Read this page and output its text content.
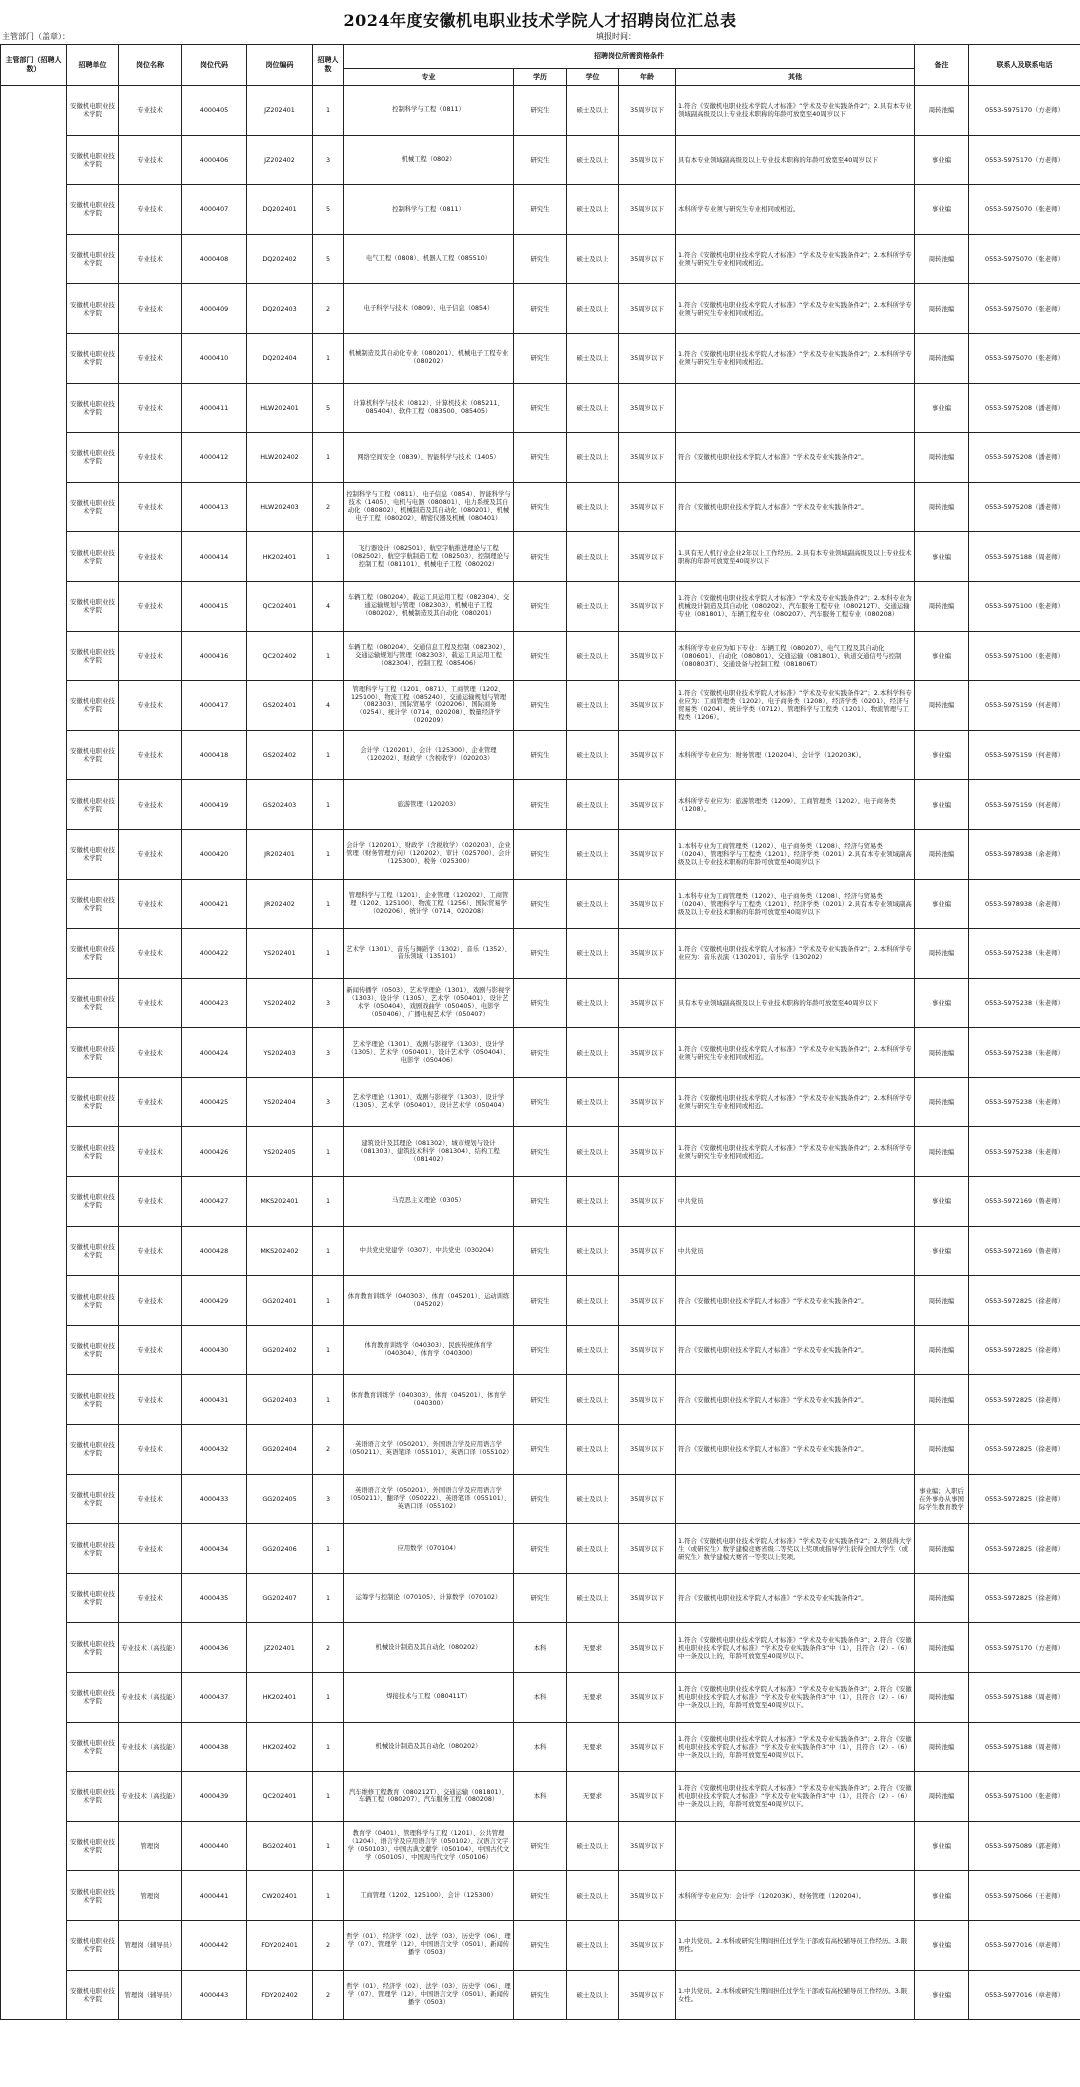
2024年度安徽机电职业技术学院人才招聘岗位汇总表
主管部门（盖章）：	填报时间：
主管部门（招聘人数）	招聘单位	岗位名称	岗位代码	岗位编码	招聘人数	招聘岗位所需资格条件					备注	联系人及联系电话
						专业	学历	学位	年龄	其他		
	安徽机电职业技术学院	专业技术	4000405	JZ202401	1	控制科学与工程（0811）	研究生	硕士及以上	35周岁以下	1.符合《安徽机电职业技术学院人才标准》“学术及专业实践条件2”；2.具有本专业领域副高级及以上专业技术职称的年龄可放宽至40周岁以下	周转池编	0553-5975170（方老师）
	安徽机电职业技术学院	专业技术	4000406	JZ202402	3	机械工程（0802）	研究生	硕士及以上	35周岁以下	具有本专业领域副高级及以上专业技术职称的年龄可放宽至40周岁以下	事业编	0553-5975170（方老师）
	安徽机电职业技术学院	专业技术	4000407	DQ202401	5	控制科学与工程（0811）	研究生	硕士及以上	35周岁以下	本科所学专业须与研究生专业相同或相近。	事业编	0553-5975070（张老师）
	安徽机电职业技术学院	专业技术	4000408	DQ202402	5	电气工程（0808）、机器人工程（085510）	研究生	硕士及以上	35周岁以下	1.符合《安徽机电职业技术学院人才标准》“学术及专业实践条件2”；2.本科所学专业须与研究生专业相同或相近。	周转池编	0553-5975070（张老师）
	安徽机电职业技术学院	专业技术	4000409	DQ202403	2	电子科学与技术（0809）、电子信息（0854）	研究生	硕士及以上	35周岁以下	1.符合《安徽机电职业技术学院人才标准》“学术及专业实践条件2”；2.本科所学专业须与研究生专业相同或相近。	周转池编	0553-5975070（张老师）
	安徽机电职业技术学院	专业技术	4000410	DQ202404	1	机械制造及其自动化专业（080201）、机械电子工程专业（080202）	研究生	硕士及以上	35周岁以下	1.符合《安徽机电职业技术学院人才标准》“学术及专业实践条件2”；2.本科所学专业须与研究生专业相同或相近。	周转池编	0553-5975070（张老师）
	安徽机电职业技术学院	专业技术	4000411	HLW202401	5	计算机科学与技术（0812）、计算机技术（085211、085404）、软件工程（083500、085405）	研究生	硕士及以上	35周岁以下		事业编	0553-5975208（潘老师）
	安徽机电职业技术学院	专业技术	4000412	HLW202402	1	网络空间安全（0839）、智能科学与技术（1405）	研究生	硕士及以上	35周岁以下	符合《安徽机电职业技术学院人才标准》“学术及专业实践条件2”。	周转池编	0553-5975208（潘老师）
	安徽机电职业技术学院	专业技术	4000413	HLW202403	2	控制科学与工程（0811）、电子信息（0854）、智能科学与技术（1405）、电机与电器（080801）、电力系统及其自动化（080802）、机械制造及其自动化（080201）、机械电子工程（080202）、精密仪器及机械（080401）	研究生	硕士及以上	35周岁以下	符合《安徽机电职业技术学院人才标准》“学术及专业实践条件2”。	周转池编	0553-5975208（潘老师）
	安徽机电职业技术学院	专业技术	4000414	HK202401	1	飞行器设计（082501）、航空宇航推进理论与工程（082502）、航空宇航制造工程（082503）、控制理论与控制工程（081101）、机械电子工程（080202）	研究生	硕士及以上	35周岁以下	1.具有无人机行业企业2年以上工作经历。2.具有本专业领域副高级及以上专业技术职称的年龄可放宽至40周岁以下	事业编	0553-5975188（周老师）
	安徽机电职业技术学院	专业技术	4000415	QC202401	4	车辆工程（080204）、载运工具运用工程（082304）、交通运输规划与管理（082303）、机械电子工程（080202）、机械制造及其自动化（080201）	研究生	硕士及以上	35周岁以下	1.符合《安徽机电职业技术学院人才标准》“学术及专业实践条件2”；2.本科专业为机械设计制造及其自动化（080202）、汽车服务工程专业（080212T）、交通运输专业（081801）、车辆工程专业（080207）、汽车服务工程专业（080208）	周转池编	0553-5975100（张老师）
	安徽机电职业技术学院	专业技术	4000416	QC202402	1	车辆工程（080204）、交通信息工程及控制（082302）、交通运输规划与管理（082303）、载运工具运用工程（082304）、控制工程（085406）	研究生	硕士及以上	35周岁以下	本科所学专业应为如下专业：车辆工程（080207）、电气工程及其自动化（080601）、自动化（080801）、交通运输（081801）、轨道交通信号与控制（080803T）、交通设备与控制工程（081806T）	事业编	0553-5975100（张老师）
	安徽机电职业技术学院	专业技术	4000417	GS202401	4	管理科学与工程（1201、0871）、工商管理（1202、125100）、物流工程（085240）、交通运输规划与管理（082303）、国际贸易学（020206）、国际商务（0254）、统计学（0714、020208）、数量经济学（020209）	研究生	硕士及以上	35周岁以下	1.符合《安徽机电职业技术学院人才标准》“学术及专业实践条件2”；2.本科学科专业应为：工商管理类（1202）、电子商务类（1208）、经济学类（0201）、经济与贸易类（0204）、统计学类（0712）、管理科学与工程类（1201）、物流管理与工程类（1206）。	周转池编	0553-5975159（何老师）
	安徽机电职业技术学院	专业技术	4000418	GS202402	1	会计学（120201）、会计（125300）、企业管理（120202）、财政学（含税收学）（020203）	研究生	硕士及以上	35周岁以下	本科所学专业应为：财务管理（120204）、会计学（120203K）。	事业编	0553-5975159（何老师）
	安徽机电职业技术学院	专业技术	4000419	GS202403	1	旅游管理（120203）	研究生	硕士及以上	35周岁以下	本科所学专业应为：旅游管理类（1209）、工商管理类（1202）、电子商务类（1208）。	事业编	0553-5975159（何老师）
	安徽机电职业技术学院	专业技术	4000420	JR202401	1	会计学（120201）、财政学（含税收学）（020203）、企业管理（财务管理方向）（120202）、审计（025700）、会计（125300）、税务（025300）	研究生	硕士及以上	35周岁以下	1.本科专业为工商管理类（1202）、电子商务类（1208）、经济与贸易类（0204）、管理科学与工程类（1201）、经济学类（0201）2.具有本专业领域副高级及以上专业技术职称的年龄可放宽至40周岁以下	周转池编	0553-5978938（余老师）
	安徽机电职业技术学院	专业技术	4000421	JR202402	1	管理科学与工程（1201）、企业管理（120202）、工商管理（1202、125100）、物流工程（1256）、国际贸易学（020206）、统计学（0714、020208）	研究生	硕士及以上	35周岁以下	1.本科专业为工商管理类（1202）、电子商务类（1208）、经济与贸易类（0204）、管理科学与工程类（1201）、经济学类（0201）2.具有本专业领域副高级及以上专业技术职称的年龄可放宽至40周岁以下	事业编	0553-5978938（余老师）
	安徽机电职业技术学院	专业技术	4000422	YS202401	1	艺术学（1301）、音乐与舞蹈学（1302）、音乐（1352）、音乐领域（135101）	研究生	硕士及以上	35周岁以下	1.符合《安徽机电职业技术学院人才标准》“学术及专业实践条件2”；2.本科所学专业应为：音乐表演（130201）、音乐学（130202）	周转池编	0553-5975238（朱老师）
	安徽机电职业技术学院	专业技术	4000423	YS202402	3	新闻传播学（0503）、艺术学理论（1301）、戏剧与影视学（1303）、设计学（1305）、艺术学（050401）、设计艺术学（050404）、戏剧戏曲学（050405）、电影学（050406）、广播电视艺术学（050407）	研究生	硕士及以上	35周岁以下	具有本专业领域副高级及以上专业技术职称的年龄可放宽至40周岁以下	事业编	0553-5975238（朱老师）
	安徽机电职业技术学院	专业技术	4000424	YS202403	3	艺术学理论（1301）、戏剧与影视学（1303）、设计学（1305）、艺术学（050401）、设计艺术学（050404）、电影学（050406）	研究生	硕士及以上	35周岁以下	1.符合《安徽机电职业技术学院人才标准》“学术及专业实践条件2”；2.本科所学专业须与研究生专业相同或相近。	周转池编	0553-5975238（朱老师）
	安徽机电职业技术学院	专业技术	4000425	YS202404	3	艺术学理论（1301）、戏剧与影视学（1303）、设计学（1305）、艺术学（050401）、设计艺术学（050404）	研究生	硕士及以上	35周岁以下	1.符合《安徽机电职业技术学院人才标准》“学术及专业实践条件2”；2.本科所学专业须与研究生专业相同或相近。	周转池编	0553-5975238（朱老师）
	安徽机电职业技术学院	专业技术	4000426	YS202405	1	建筑设计及其理论（081302）、城市规划与设计（081303）、建筑技术科学（081304）、结构工程（081402）	研究生	硕士及以上	35周岁以下	1.符合《安徽机电职业技术学院人才标准》“学术及专业实践条件2”；2.本科所学专业须与研究生专业相同或相近。	周转池编	0553-5975238（朱老师）
	安徽机电职业技术学院	专业技术	4000427	MKS202401	1	马克思主义理论（0305）	研究生	硕士及以上	35周岁以下	中共党员	事业编	0553-5972169（鲁老师）
	安徽机电职业技术学院	专业技术	4000428	MKS202402	1	中共党史党建学（0307）、中共党史（030204）	研究生	硕士及以上	35周岁以下	中共党员	事业编	0553-5972169（鲁老师）
	安徽机电职业技术学院	专业技术	4000429	GG202401	1	体育教育训练学（040303）、体育（045201）、运动训练（045202）	研究生	硕士及以上	35周岁以下	符合《安徽机电职业技术学院人才标准》“学术及专业实践条件2”。	周转池编	0553-5972825（徐老师）
	安徽机电职业技术学院	专业技术	4000430	GG202402	1	体育教育训练学（040303）、民族传统体育学（040304）、体育学（040300）	研究生	硕士及以上	35周岁以下	符合《安徽机电职业技术学院人才标准》“学术及专业实践条件2”。	周转池编	0553-5972825（徐老师）
	安徽机电职业技术学院	专业技术	4000431	GG202403	1	体育教育训练学（040303）、体育（045201）、体育学（040300）	研究生	硕士及以上	35周岁以下	符合《安徽机电职业技术学院人才标准》“学术及专业实践条件2”。	周转池编	0553-5972825（徐老师）
	安徽机电职业技术学院	专业技术	4000432	GG202404	2	英语语言文学（050201）、外国语言学及应用语言学（050211）、英语笔译（055101）、英语口译（055102）	研究生	硕士及以上	35周岁以下	符合《安徽机电职业技术学院人才标准》“学术及专业实践条件2”。	周转池编	0553-5972825（徐老师）
	安徽机电职业技术学院	专业技术	4000433	GG202405	3	英语语言文学（050201）、外国语言学及应用语言学（050211）、翻译学（050222）、英语笔译（055101）、英语口译（055102）	研究生	硕士及以上	35周岁以下		事业编；入职后在外事办从事国际学生教育教学	0553-5972825（徐老师）
	安徽机电职业技术学院	专业技术	4000434	GG202406	1	应用数学（070104）	研究生	硕士及以上	35周岁以下	1.符合《安徽机电职业技术学院人才标准》“学术及专业实践条件2”；2.须获得大学生（或研究生）数学建模竞赛省级二等奖以上奖项或指导学生获得全国大学生（或研究生）数学建模大赛省一等奖以上奖项。	周转池编	0553-5972825（徐老师）
	安徽机电职业技术学院	专业技术	4000435	GG202407	1	运筹学与控制论（070105）、计算数学（070102）	研究生	硕士及以上	35周岁以下	符合《安徽机电职业技术学院人才标准》“学术及专业实践条件2”。	周转池编	0553-5972825（徐老师）
	安徽机电职业技术学院	专业技术（高技能）	4000436	JZ202401	2	机械设计制造及其自动化（080202）	本科	无要求	35周岁以下	1.符合《安徽机电职业技术学院人才标准》“学术及专业实践条件3”；2.符合《安徽机电职业技术学院人才标准》“学术及专业实践条件3”中（1），且符合（2）-（6）中一条及以上的，年龄可放宽至40周岁以下。	周转池编	0553-5975170（方老师）
	安徽机电职业技术学院	专业技术（高技能）	4000437	HK202401	1	焊接技术与工程（080411T）	本科	无要求	35周岁以下	1.符合《安徽机电职业技术学院人才标准》“学术及专业实践条件3”；2.符合《安徽机电职业技术学院人才标准》“学术及专业实践条件3”中（1），且符合（2）-（6）中一条及以上的，年龄可放宽至40周岁以下。	周转池编	0553-5975188（周老师）
	安徽机电职业技术学院	专业技术（高技能）	4000438	HK202402	1	机械设计制造及其自动化（080202）	本科	无要求	35周岁以下	1.符合《安徽机电职业技术学院人才标准》“学术及专业实践条件3”；2.符合《安徽机电职业技术学院人才标准》“学术及专业实践条件3”中（1），且符合（2）-（6）中一条及以上的，年龄可放宽至40周岁以下。	周转池编	0553-5975188（周老师）
	安徽机电职业技术学院	专业技术（高技能）	4000439	QC202401	1	汽车维修工程教育（080212T）、交通运输（081801）、车辆工程（080207）、汽车服务工程（080208）	本科	无要求	35周岁以下	1.符合《安徽机电职业技术学院人才标准》“学术及专业实践条件3”；2.符合《安徽机电职业技术学院人才标准》“学术及专业实践条件3”中（1），且符合（2）-（6）中一条及以上的，年龄可放宽至40周岁以下。	周转池编	0553-5975100（张老师）
	安徽机电职业技术学院	管理岗	4000440	BG202401	1	教育学（0401）、管理科学与工程（1201）、公共管理（1204）、语言学及应用语言学（050102）、汉语言文字学（050103）、中国古典文献学（050104）、中国古代文学（050105）、中国现当代文学（050106）	研究生	硕士及以上	35周岁以下		事业编	0553-5975089（郭老师）
	安徽机电职业技术学院	管理岗	4000441	CW202401	1	工商管理（1202、125100）、会计（125300）	研究生	硕士及以上	35周岁以下	本科所学专业应为：会计学（120203K）、财务管理（120204）。	事业编	0553-5975066（王老师）
	安徽机电职业技术学院	管理岗（辅导员）	4000442	FDY202401	2	哲学（01）、经济学（02）、法学（03）、历史学（06）、理学（07）、管理学（12）、中国语言文学（0501）、新闻传播学（0503）	研究生	硕士及以上	35周岁以下	1.中共党员。2.本科或研究生期间担任过学生干部或有高校辅导员工作经历。3.限男性。	事业编	0553-5977016（章老师）
	安徽机电职业技术学院	管理岗（辅导员）	4000443	FDY202402	2	哲学（01）、经济学（02）、法学（03）、历史学（06）、理学（07）、管理学（12）、中国语言文学（0501）、新闻传播学（0503）	研究生	硕士及以上	35周岁以下	1.中共党员。2.本科或研究生期间担任过学生干部或有高校辅导员工作经历。3.限女性。	事业编	0553-5977016（章老师）
